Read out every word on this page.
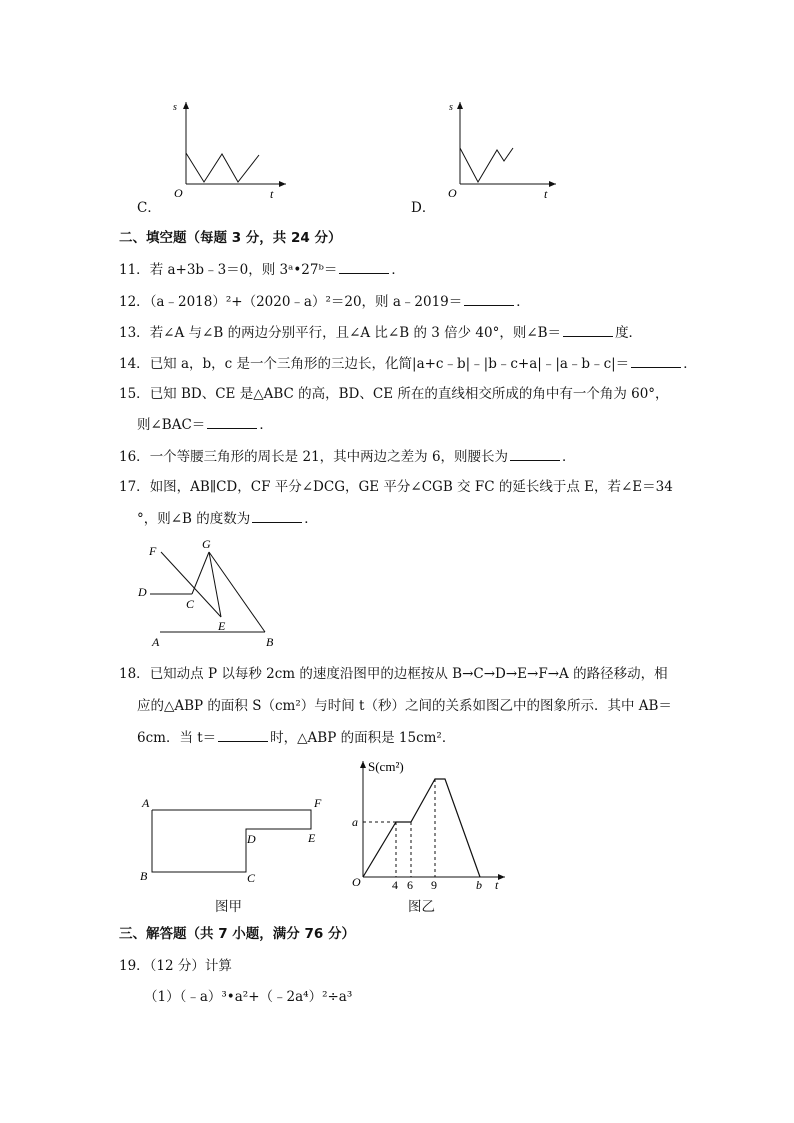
s
O	t
C．
s
O	t
D．
二、填空题（每题 3 分，共 24 分）
11．若 a+3b﹣3＝0，则 3ᵃ•27ᵇ＝	．
12．（a﹣2018）²+（2020﹣a）²＝20，则 a﹣2019＝	．
13．若∠A 与∠B 的两边分别平行，且∠A 比∠B 的 3 倍少 40°，则∠B＝	度．
14．已知 a，b，c 是一个三角形的三边长，化简|a+c﹣b|﹣|b﹣c+a|﹣|a﹣b﹣c|＝	．
15．已知 BD、CE 是△ABC 的高，BD、CE 所在的直线相交所成的角中有一个角为 60°，
则∠BAC＝	．
16．一个等腰三角形的周长是 21，其中两边之差为 6，则腰长为	．
17．如图，AB∥CD，CF 平分∠DCG，GE 平分∠CGB 交 FC 的延长线于点 E，若∠E＝34
°，则∠B 的度数为	．
F	G
D
C
E
A	B
18．已知动点 P 以每秒 2cm 的速度沿图甲的边框按从 B→C→D→E→F→A 的路径移动，相
应的△ABP 的面积 S（cm²）与时间 t（秒）之间的关系如图乙中的图象所示．其中 AB＝
6cm．当 t＝	时，△ABP 的面积是 15cm²．
A	F
D	E
B	C
图甲
S(cm²)
a
O	4 6 9	b t
图乙
三、解答题（共 7 小题，满分 76 分）
19．（12 分）计算
（1）（﹣a）³•a²+（﹣2a⁴）²÷a³
